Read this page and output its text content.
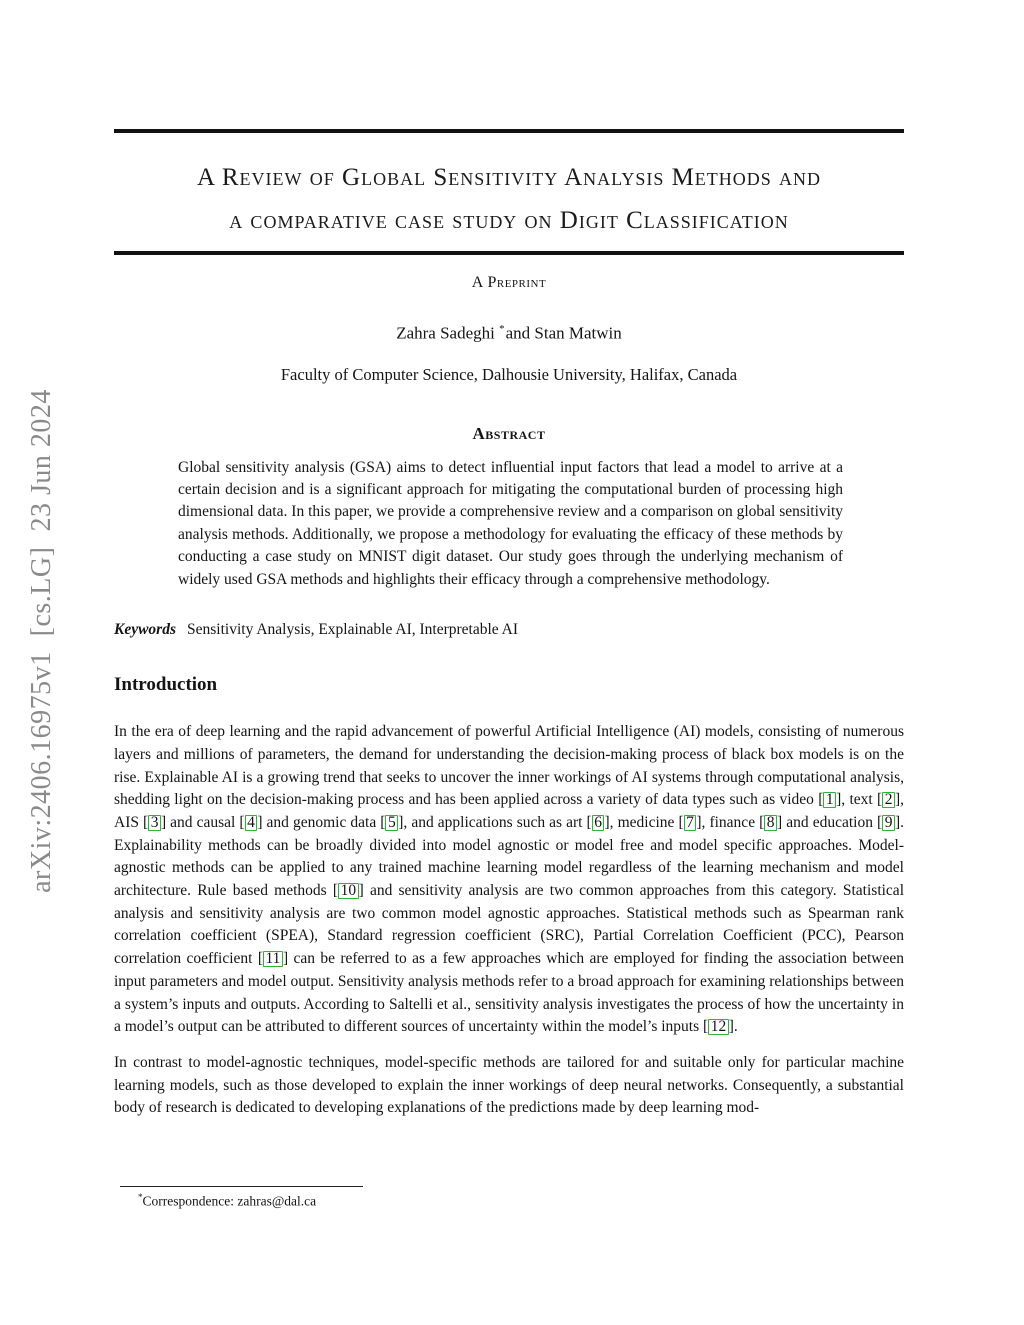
arXiv:2406.16975v1  [cs.LG]  23 Jun 2024
A Review of Global Sensitivity Analysis Methods and
a comparative case study on Digit Classification
A Preprint
Zahra Sadeghi *and Stan Matwin
Faculty of Computer Science, Dalhousie University, Halifax, Canada
Abstract
Global sensitivity analysis (GSA) aims to detect influential input factors that lead a model to arrive at a certain decision and is a significant approach for mitigating the computational burden of processing high dimensional data. In this paper, we provide a comprehensive review and a comparison on global sensitivity analysis methods. Additionally, we propose a methodology for evaluating the efficacy of these methods by conducting a case study on MNIST digit dataset. Our study goes through the underlying mechanism of widely used GSA methods and highlights their efficacy through a comprehensive methodology.
Keywords Sensitivity Analysis, Explainable AI, Interpretable AI
Introduction
In the era of deep learning and the rapid advancement of powerful Artificial Intelligence (AI) models, consisting of numerous layers and millions of parameters, the demand for understanding the decision-making process of black box models is on the rise. Explainable AI is a growing trend that seeks to uncover the inner workings of AI systems through computational analysis, shedding light on the decision-making process and has been applied across a variety of data types such as video [ 1 ], text [ 2 ], AIS [ 3 ] and causal [ 4 ] and genomic data [ 5 ], and applications such as art [ 6 ], medicine [ 7 ], finance [ 8 ] and education [ 9 ]. Explainability methods can be broadly divided into model agnostic or model free and model specific approaches. Model-agnostic methods can be applied to any trained machine learning model regardless of the learning mechanism and model architecture. Rule based methods [ 10 ] and sensitivity analysis are two common approaches from this category. Statistical analysis and sensitivity analysis are two common model agnostic approaches. Statistical methods such as Spearman rank correlation coefficient (SPEA), Standard regression coefficient (SRC), Partial Correlation Coefficient (PCC), Pearson correlation coefficient [ 11 ] can be referred to as a few approaches which are employed for finding the association between input parameters and model output. Sensitivity analysis methods refer to a broad approach for examining relationships between a system’s inputs and outputs. According to Saltelli et al., sensitivity analysis investigates the process of how the uncertainty in a model’s output can be attributed to different sources of uncertainty within the model’s inputs [ 12 ].
In contrast to model-agnostic techniques, model-specific methods are tailored for and suitable only for particular machine learning models, such as those developed to explain the inner workings of deep neural networks. Consequently, a substantial body of research is dedicated to developing explanations of the predictions made by deep learning mod-
*Correspondence: zahras@dal.ca
